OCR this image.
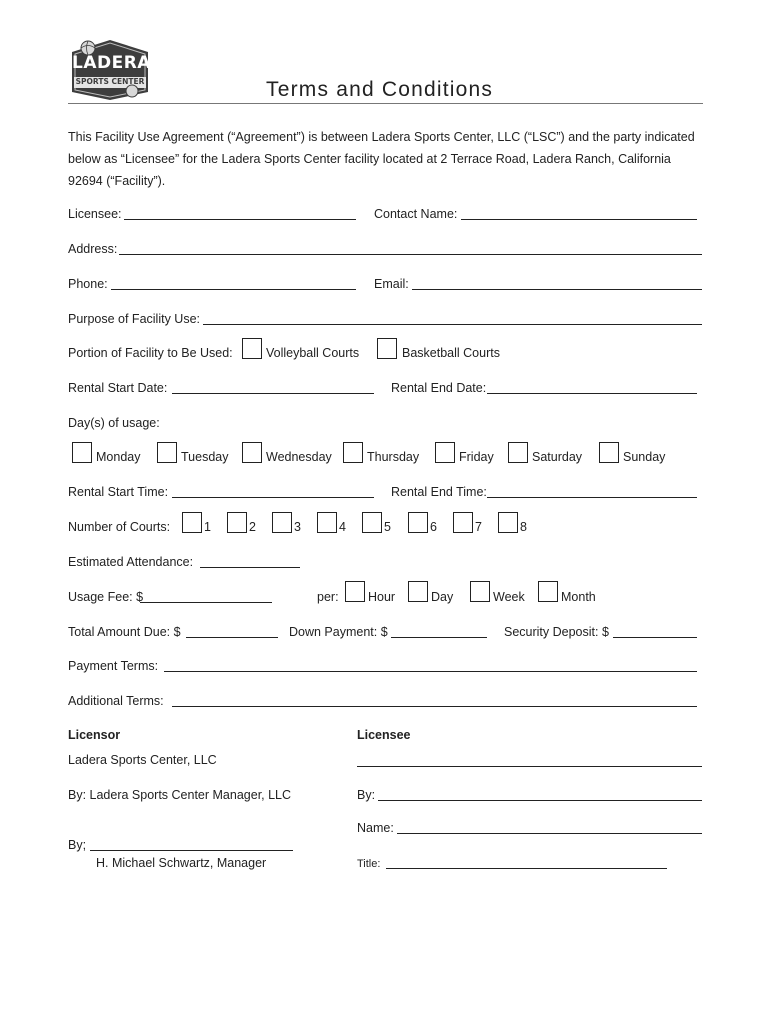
LADERA
SPORTS CENTER	Terms and Conditions
This Facility Use Agreement (“Agreement”) is between Ladera Sports Center, LLC (“LSC”) and the party indicated below as “Licensee” for the Ladera Sports Center facility located at 2 Terrace Road, Ladera Ranch, California 92694 (“Facility”).
Licensee:	Contact Name:
Address:
Phone:	Email:
Purpose of Facility Use:
Portion of Facility to Be Used:	Volleyball Courts	Basketball Courts
Rental Start Date:	Rental End Date:
Day(s) of usage:
Monday	Tuesday	Wednesday	Thursday	Friday	Saturday	Sunday
Rental Start Time:	Rental End Time:
Number of Courts:	1	2	3	4	5	6	7	8
Estimated Attendance:
Usage Fee: $	per: Hour	Day	Week	Month
Total Amount Due: $	Down Payment: $	Security Deposit: $
Payment Terms:
Additional Terms:
Licensor	Licensee
Ladera Sports Center, LLC
By: Ladera Sports Center Manager, LLC	By:
Name:
By;
H. Michael Schwartz, Manager	Title:
